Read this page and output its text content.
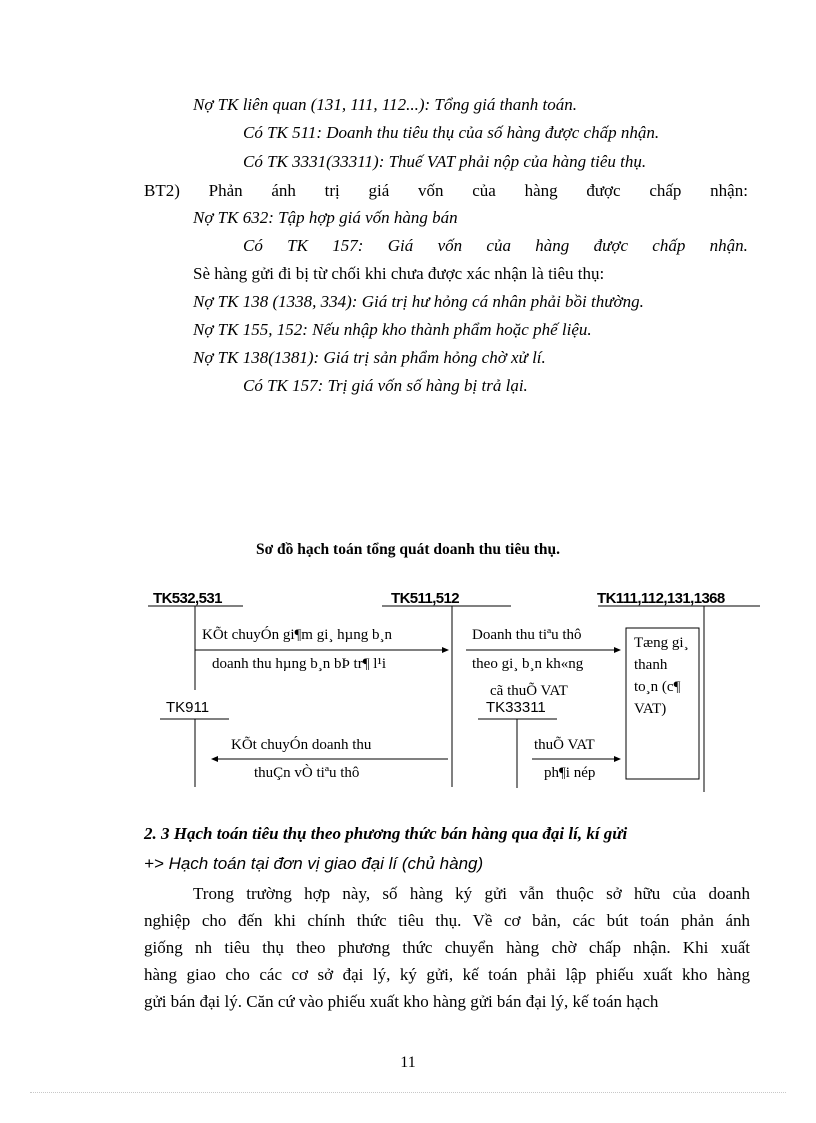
Nợ TK liên quan (131, 111, 112...): Tổng giá thanh toán.
Có TK 511: Doanh thu tiêu thụ của số hàng được chấp nhận.
Có TK 3331(33311): Thuế VAT phải nộp của hàng tiêu thụ.
BT2) Phản ánh trị giá vốn của hàng được chấp nhận:
Nợ TK 632: Tập hợp giá vốn hàng bán
Có TK 157: Giá vốn của hàng được chấp nhận.
Sè hàng gửi đi bị từ chối khi chưa được xác nhận là tiêu thụ:
Nợ TK 138 (1338, 334): Giá trị hư hỏng cá nhân phải bồi thường.
Nợ TK 155, 152: Nếu nhập kho thành phẩm hoặc phế liệu.
Nợ TK 138(1381): Giá trị sản phẩm hỏng chờ xử lí.
Có TK 157: Trị giá vốn số hàng bị trả lại.
Sơ đồ hạch toán tổng quát doanh thu tiêu thụ.
TK532,531	TK511,512	TK111,112,131,1368
TK911	TK33311
KÕt chuyÓn gi¶m gi¸ hµng b¸n
doanh thu hµng b¸n bÞ tr¶ l¹i
Doanh thu tiªu thô
theo gi¸ b¸n kh«ng
cã thuÕ VAT
KÕt chuyÓn doanh thu
thuÇn vÒ tiªu thô
thuÕ VAT
ph¶i nép
Tæng gi¸ thanh to¸n (c¶ VAT)
2. 3 Hạch toán tiêu thụ theo phương thức bán hàng qua đại lí, kí gửi
+> Hạch toán tại đơn vị giao đại lí (chủ hàng)
Trong trường hợp này, số hàng ký gửi vẫn thuộc sở hữu của doanh
nghiệp cho đến khi chính thức tiêu thụ. Về cơ bản, các bút toán phản ánh
giống nh tiêu thụ theo phương thức chuyển hàng chờ chấp nhận. Khi xuất
hàng giao cho các cơ sở đại lý, ký gửi, kế toán phải lập phiếu xuất kho hàng
gửi bán đại lý. Căn cứ vào phiếu xuất kho hàng gửi bán đại lý, kế toán hạch
11
